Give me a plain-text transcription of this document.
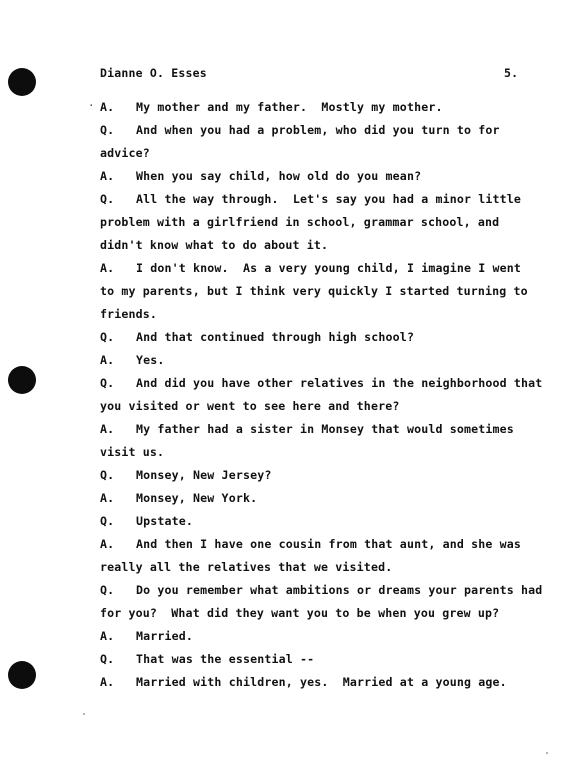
Dianne O. Esses	5.
. A. My mother and my father.  Mostly my mother.
Q. And when you had a problem, who did you turn to for
advice?
A. When you say child, how old do you mean?
Q. All the way through.  Let's say you had a minor little
problem with a girlfriend in school, grammar school, and
didn't know what to do about it.
A. I don't know.  As a very young child, I imagine I went
to my parents, but I think very quickly I started turning to
friends.
Q. And that continued through high school?
A. Yes.
Q. And did you have other relatives in the neighborhood that
you visited or went to see here and there?
A. My father had a sister in Monsey that would sometimes
visit us.
Q. Monsey, New Jersey?
A. Monsey, New York.
Q. Upstate.
A. And then I have one cousin from that aunt, and she was
really all the relatives that we visited.
Q. Do you remember what ambitions or dreams your parents had
for you?  What did they want you to be when you grew up?
A. Married.
Q. That was the essential --
A. Married with children, yes.  Married at a young age.
